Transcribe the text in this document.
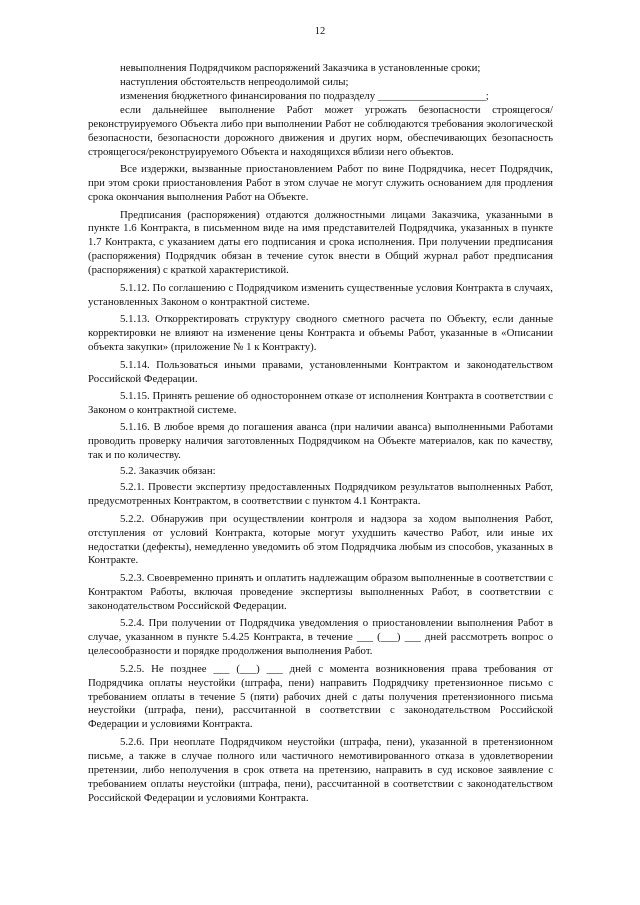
12

невыполнения Подрядчиком распоряжений Заказчика в установленные сроки;

наступления обстоятельств непреодолимой силы;

изменения бюджетного финансирования по подразделу ____________________;

если дальнейшее выполнение Работ может угрожать безопасности строящегося/реконструируемого Объекта либо при выполнении Работ не соблюдаются требования экологической безопасности, безопасности дорожного движения и других норм, обеспечивающих безопасность строящегося/реконструируемого Объекта и находящихся вблизи него объектов.

Все издержки, вызванные приостановлением Работ по вине Подрядчика, несет Подрядчик, при этом сроки приостановления Работ в этом случае не могут служить основанием для продления срока окончания выполнения Работ на Объекте.

Предписания (распоряжения) отдаются должностными лицами Заказчика, указанными в пункте 1.6 Контракта, в письменном виде на имя представителей Подрядчика, указанных в пункте 1.7 Контракта, с указанием даты его подписания и срока исполнения. При получении предписания (распоряжения) Подрядчик обязан в течение суток внести в Общий журнал работ предписания (распоряжения) с краткой характеристикой.

5.1.12. По соглашению с Подрядчиком изменить существенные условия Контракта в случаях, установленных Законом о контрактной системе.

5.1.13. Откорректировать структуру сводного сметного расчета по Объекту, если данные корректировки не влияют на изменение цены Контракта и объемы Работ, указанные в «Описании объекта закупки» (приложение № 1 к Контракту).

5.1.14. Пользоваться иными правами, установленными Контрактом и законодательством Российской Федерации.

5.1.15. Принять решение об одностороннем отказе от исполнения Контракта в соответствии с Законом о контрактной системе.

5.1.16. В любое время до погашения аванса (при наличии аванса) выполненными Работами проводить проверку наличия заготовленных Подрядчиком на Объекте материалов, как по качеству, так и по количеству.

5.2. Заказчик обязан:

5.2.1. Провести экспертизу предоставленных Подрядчиком результатов выполненных Работ, предусмотренных Контрактом, в соответствии с пунктом 4.1 Контракта.

5.2.2. Обнаружив при осуществлении контроля и надзора за ходом выполнения Работ, отступления от условий Контракта, которые могут ухудшить качество Работ, или иные их недостатки (дефекты), немедленно уведомить об этом Подрядчика любым из способов, указанных в Контракте.

5.2.3. Своевременно принять и оплатить надлежащим образом выполненные в соответствии с Контрактом Работы, включая проведение экспертизы выполненных Работ, в соответствии с законодательством Российской Федерации.

5.2.4. При получении от Подрядчика уведомления о приостановлении выполнения Работ в случае, указанном в пункте 5.4.25 Контракта, в течение ___ (___) ___ дней рассмотреть вопрос о целесообразности и порядке продолжения выполнения Работ.

5.2.5. Не позднее ___ (___) ___ дней с момента возникновения права требования от Подрядчика оплаты неустойки (штрафа, пени) направить Подрядчику претензионное письмо с требованием оплаты в течение 5 (пяти) рабочих дней с даты получения претензионного письма неустойки (штрафа, пени), рассчитанной в соответствии с законодательством Российской Федерации и условиями Контракта.

5.2.6. При неоплате Подрядчиком неустойки (штрафа, пени), указанной в претензионном письме, а также в случае полного или частичного немотивированного отказа в удовлетворении претензии, либо неполучения в срок ответа на претензию, направить в суд исковое заявление с требованием оплаты неустойки (штрафа, пени), рассчитанной в соответствии с законодательством Российской Федерации и условиями Контракта.
